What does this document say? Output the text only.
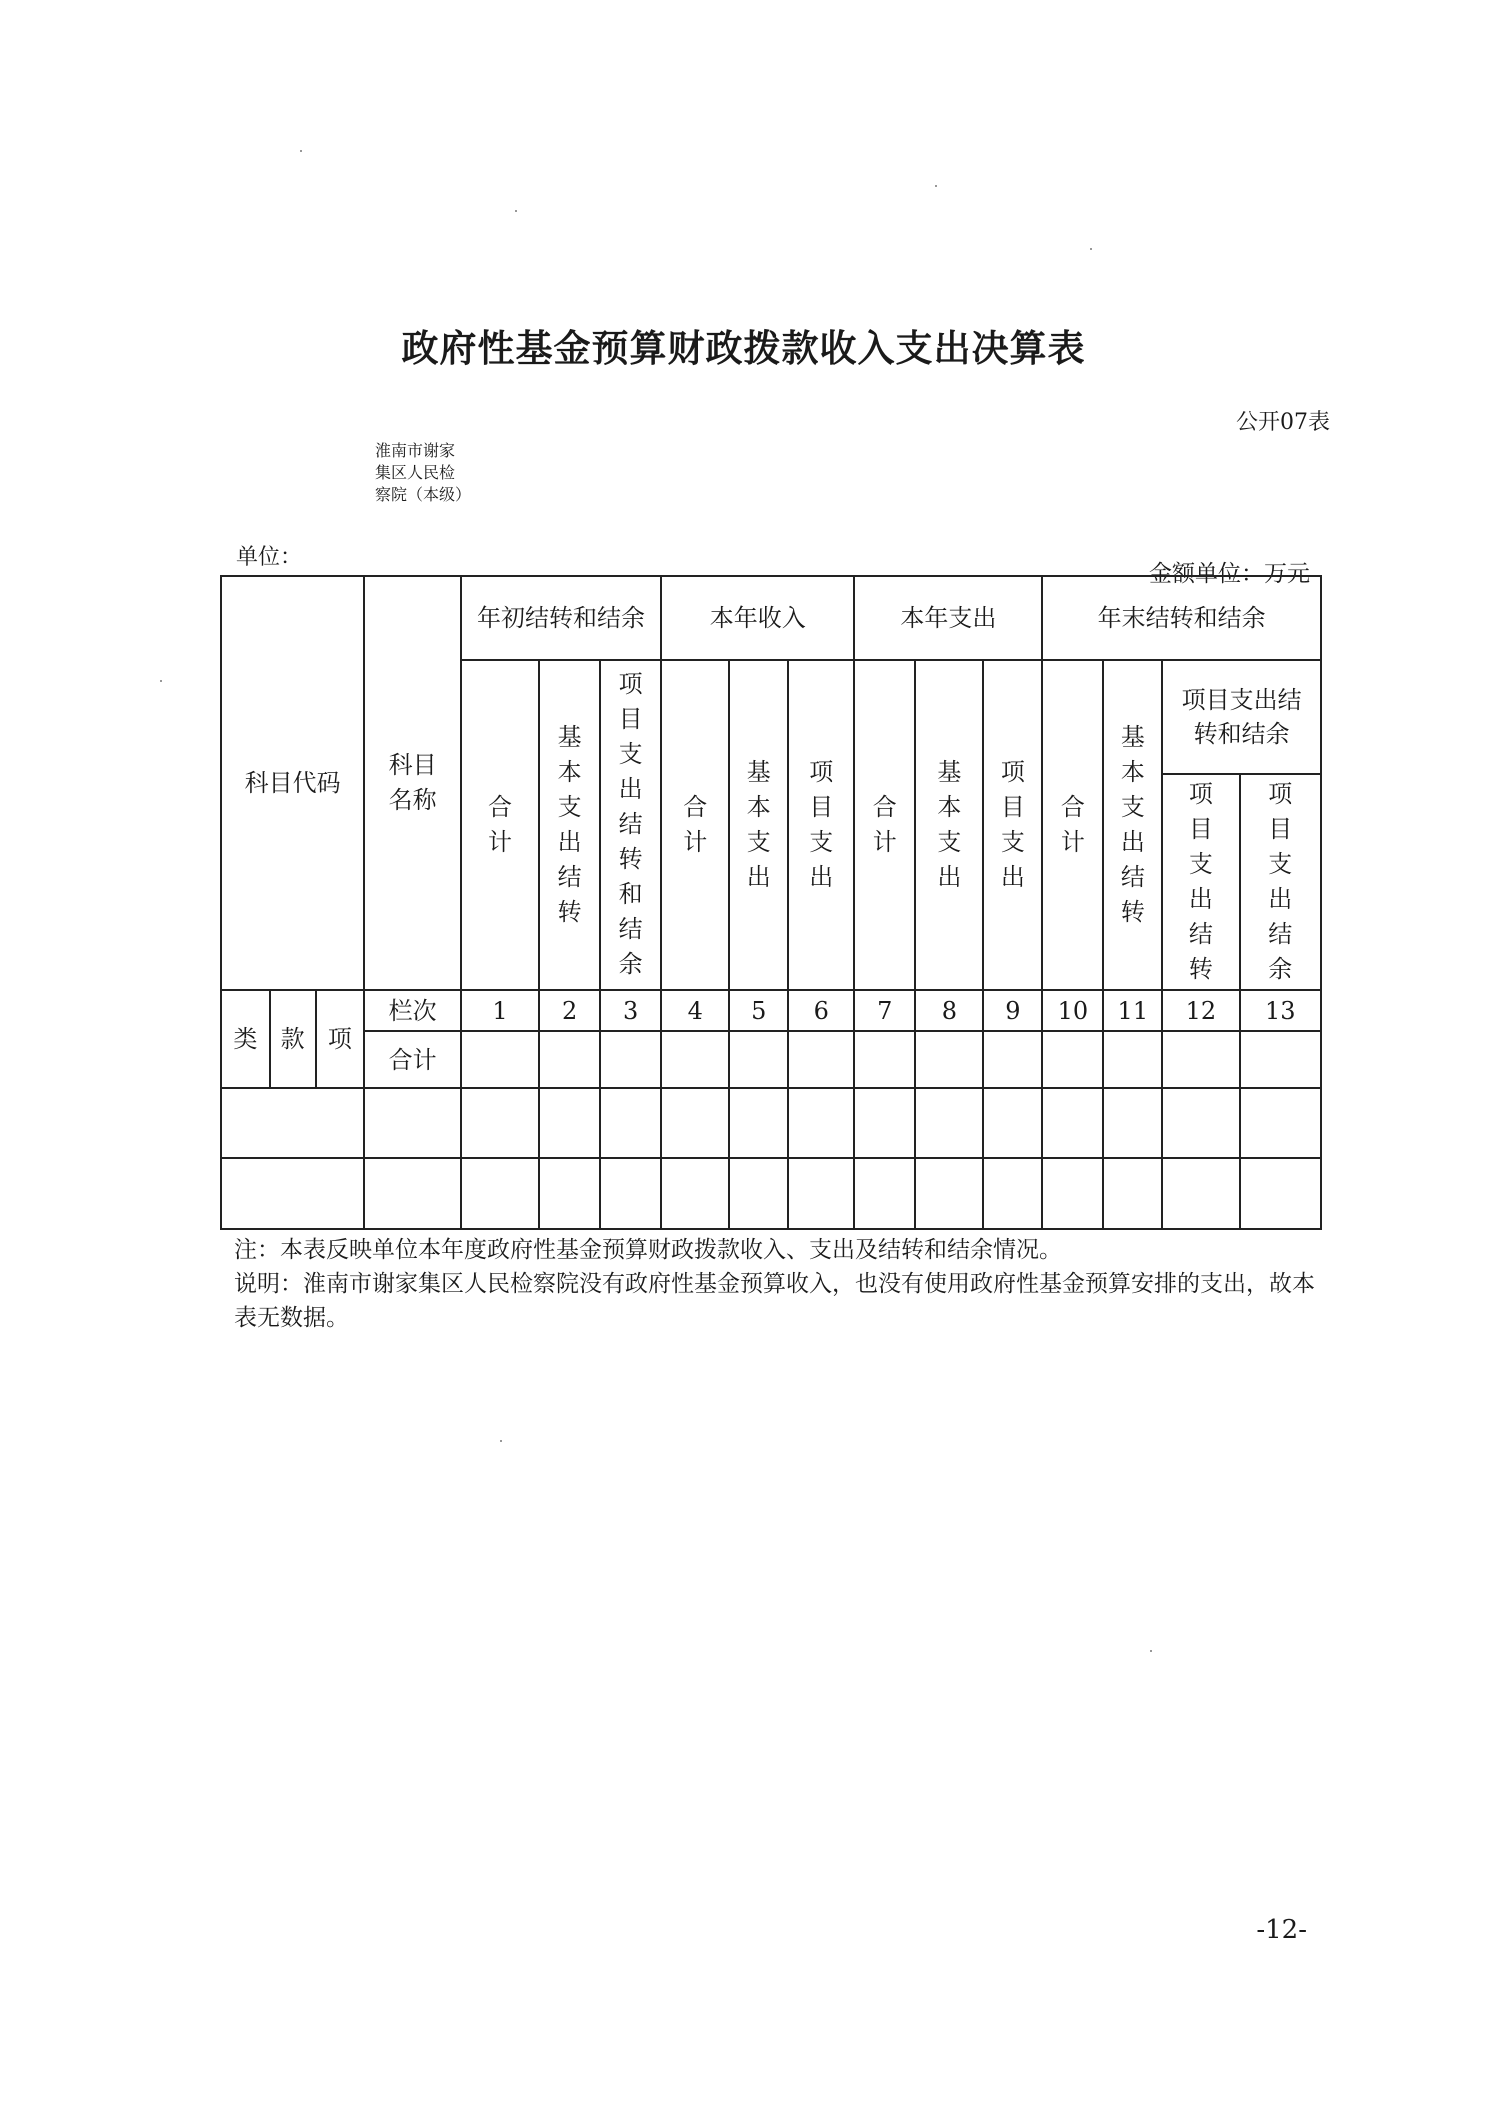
政府性基金预算财政拨款收入支出决算表
公开07表
单位：
淮南市谢家集区人民检察院（本级）
金额单位：万元
科目代码			科目名称	年初结转和结余			本年收入			本年支出			年末结转和结余			

				合计	基本支出结转	项目支出结转和结余	合计	基本支出	项目支出	合计	基本支出	项目支出	合计	基本支出结转	项目支出结转和结余	

															项目支出结转	项目支出结余

类	款	项	栏次	1	2	3	4	5	6	7	8	9	10	11	12	13
			合计													

注：本表反映单位本年度政府性基金预算财政拨款收入、支出及结转和结余情况。
说明：淮南市谢家集区人民检察院没有政府性基金预算收入，也没有使用政府性基金预算安排的支出，故本表无数据。
-12-
